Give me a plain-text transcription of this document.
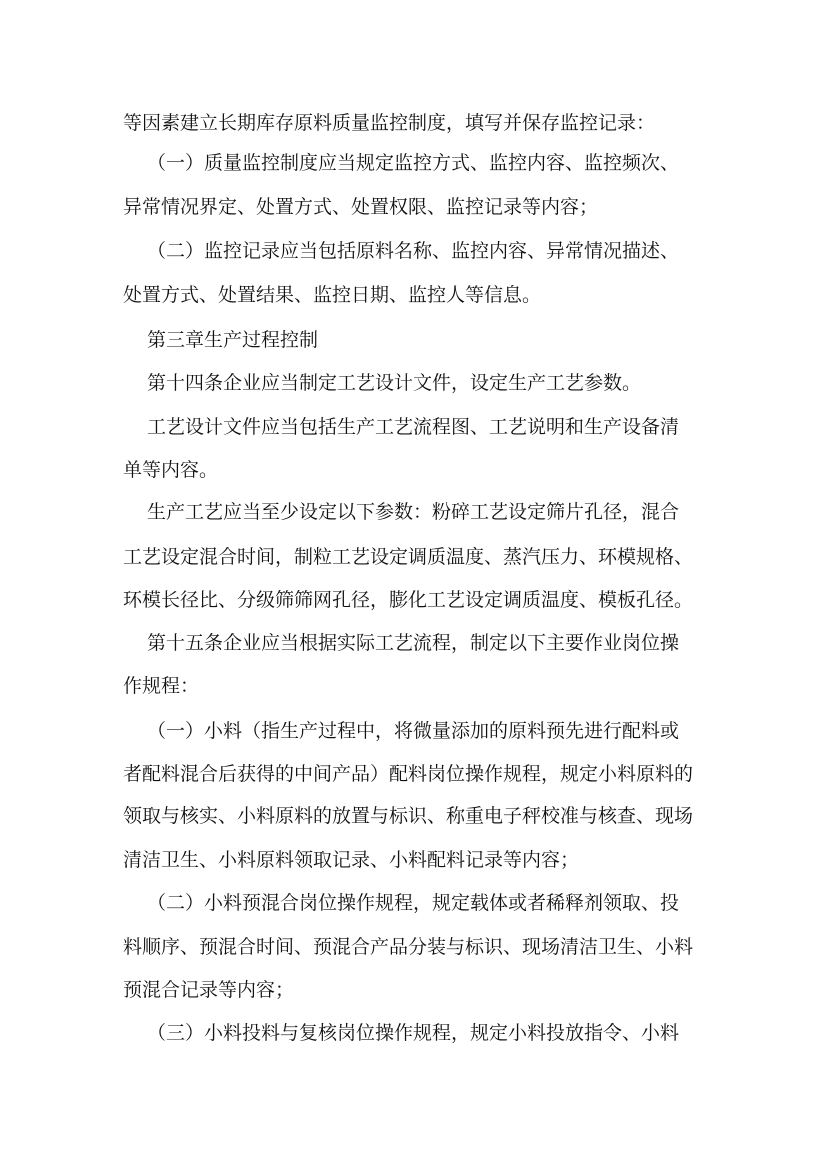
等因素建立长期库存原料质量监控制度，填写并保存监控记录：
（一）质量监控制度应当规定监控方式、监控内容、监控频次、
异常情况界定、处置方式、处置权限、监控记录等内容；
（二）监控记录应当包括原料名称、监控内容、异常情况描述、
处置方式、处置结果、监控日期、监控人等信息。
第三章生产过程控制
第十四条企业应当制定工艺设计文件，设定生产工艺参数。
工艺设计文件应当包括生产工艺流程图、工艺说明和生产设备清
单等内容。
生产工艺应当至少设定以下参数：粉碎工艺设定筛片孔径，混合
工艺设定混合时间，制粒工艺设定调质温度、蒸汽压力、环模规格、
环模长径比、分级筛筛网孔径，膨化工艺设定调质温度、模板孔径。
第十五条企业应当根据实际工艺流程，制定以下主要作业岗位操
作规程：
（一）小料（指生产过程中，将微量添加的原料预先进行配料或
者配料混合后获得的中间产品）配料岗位操作规程，规定小料原料的
领取与核实、小料原料的放置与标识、称重电子秤校准与核查、现场
清洁卫生、小料原料领取记录、小料配料记录等内容；
（二）小料预混合岗位操作规程，规定载体或者稀释剂领取、投
料顺序、预混合时间、预混合产品分装与标识、现场清洁卫生、小料
预混合记录等内容；
（三）小料投料与复核岗位操作规程，规定小料投放指令、小料
